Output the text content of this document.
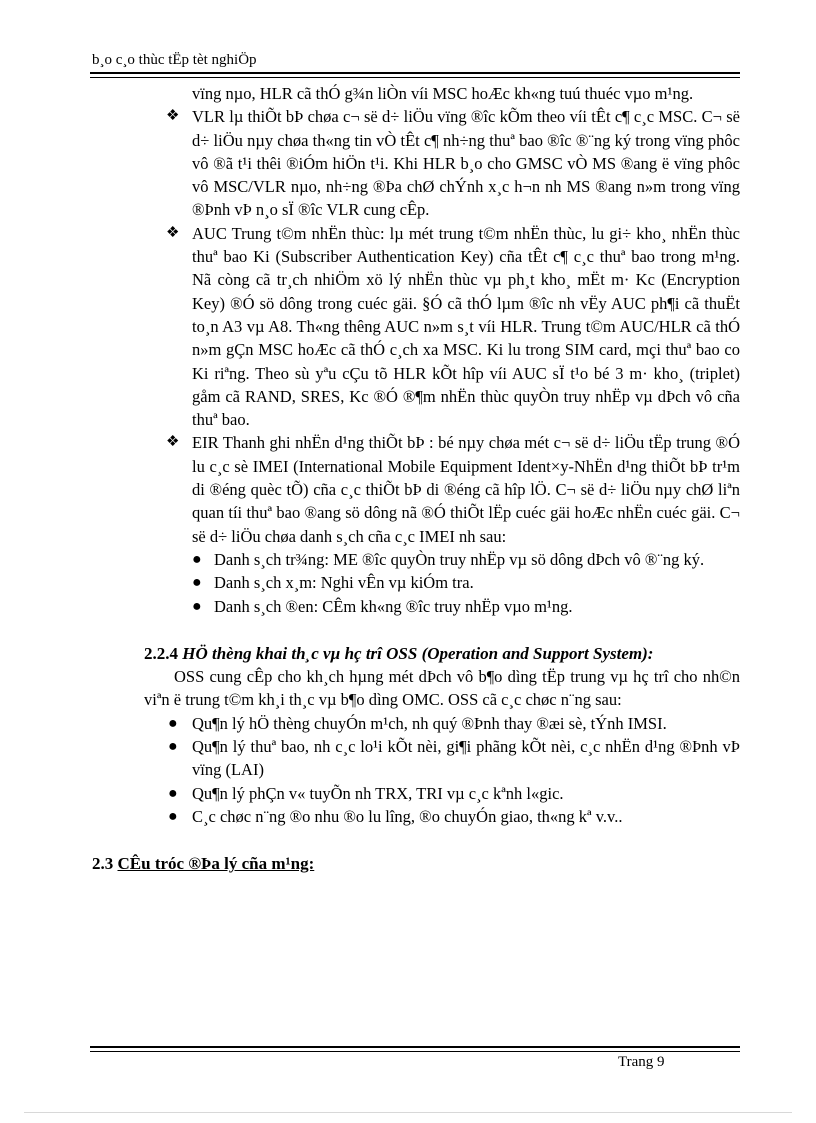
b¸o c¸o thùc tËp tèt nghiÖp
vïng nµo, HLR cã thÓ g¾n liÒn víi MSC hoÆc kh«ng tuú thuéc vµo m¹ng.
❖ VLR lµ thiÕt bÞ chøa c¬ së d÷ liÖu vïng ®îc kÕm theo víi tÊt c¶ c¸c MSC. C¬ së d÷ liÖu nµy chøa th«ng tin vÒ tÊt c¶ nh÷ng thuª bao ®îc ®¨ng ký trong vïng phôc vô ®ã t¹i thêi ®iÓm hiÖn t¹i. Khi HLR b¸o cho GMSC vÒ MS ®ang ë vïng phôc vô MSC/VLR nµo, nh÷ng ®Þa chØ chÝnh x¸c h¬n nh MS ®ang n»m trong vïng ®Þnh vÞ n¸o sÏ ®îc VLR cung cÊp.
❖ AUC Trung t©m nhËn thùc: lµ mét trung t©m nhËn thùc, lu gi÷ kho¸ nhËn thùc thuª bao Ki (Subscriber Authentication Key) cña tÊt c¶ c¸c thuª bao trong m¹ng. Nã còng cã tr¸ch nhiÖm xö lý nhËn thùc vµ ph¸t kho¸ mËt m· Kc (Encryption Key) ®Ó sö dông trong cuéc gäi. §Ó cã thÓ lµm ®îc nh vËy AUC ph¶i cã thuËt to¸n A3 vµ A8. Th«ng thêng AUC n»m s¸t víi HLR. Trung t©m AUC/HLR cã thÓ n»m gÇn MSC hoÆc cã thÓ c¸ch xa MSC. Ki lu trong SIM card, mçi thuª bao co Ki riªng. Theo sù yªu cÇu tõ HLR kÕt hîp víi AUC sÏ t¹o bé 3 m· kho¸ (triplet) gåm cã RAND, SRES, Kc ®Ó ®¶m nhËn thùc quyÒn truy nhËp vµ dÞch vô cña thuª bao.
❖ EIR Thanh ghi nhËn d¹ng thiÕt bÞ : bé nµy chøa mét c¬ së d÷ liÖu tËp trung ®Ó lu c¸c sè IMEI (International Mobile Equipment Ident×y-NhËn d¹ng thiÕt bÞ tr¹m di ®éng quèc tÕ) cña c¸c thiÕt bÞ di ®éng cã hîp lÖ. C¬ së d÷ liÖu nµy chØ liªn quan tíi thuª bao ®ang sö dông nã ®Ó thiÕt lËp cuéc gäi hoÆc nhËn cuéc gäi. C¬ së d÷ liÖu chøa danh s¸ch cña c¸c IMEI nh sau:
● Danh s¸ch tr¾ng: ME ®îc quyÒn truy nhËp vµ sö dông dÞch vô ®¨ng ký.
● Danh s¸ch x¸m: Nghi vÊn vµ kiÓm tra.
● Danh s¸ch ®en: CÊm kh«ng ®îc truy nhËp vµo m¹ng.
2.2.4 HÖ thèng khai th¸c vµ hç trî OSS (Operation and Support System):
OSS cung cÊp cho kh¸ch hµng mét dÞch vô b¶o dìng tËp trung vµ hç trî cho nh©n viªn ë trung t©m kh¸i th¸c vµ b¶o dìng OMC. OSS cã c¸c chøc n¨ng sau:
● Qu¶n lý hÖ thèng chuyÓn m¹ch, nh quý ®Þnh thay ®æi sè, tÝnh IMSI.
● Qu¶n lý thuª bao, nh c¸c lo¹i kÕt nèi, gi¶i phãng kÕt nèi, c¸c nhËn d¹ng ®Þnh vÞ vïng (LAI)
● Qu¶n lý phÇn v« tuyÕn nh TRX, TRI vµ c¸c kªnh l«gic.
● C¸c chøc n¨ng ®o nhu ®o lu lîng, ®o chuyÓn giao, th«ng kª v.v..
2.3 CÊu tróc ®Þa lý cña m¹ng:
Trang 9
